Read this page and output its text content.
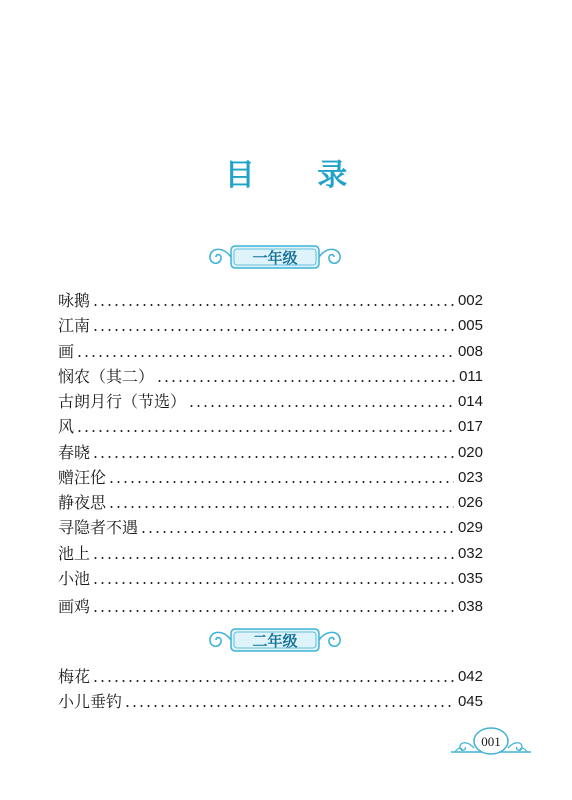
目 录
一年级
咏鹅	002
江南	005
画	008
悯农（其二）	011
古朗月行（节选）	014
风	017
春晓	020
赠汪伦	023
静夜思	026
寻隐者不遇	029
池上	032
小池	035
画鸡	038
二年级
梅花	042
小儿垂钓	045
001
